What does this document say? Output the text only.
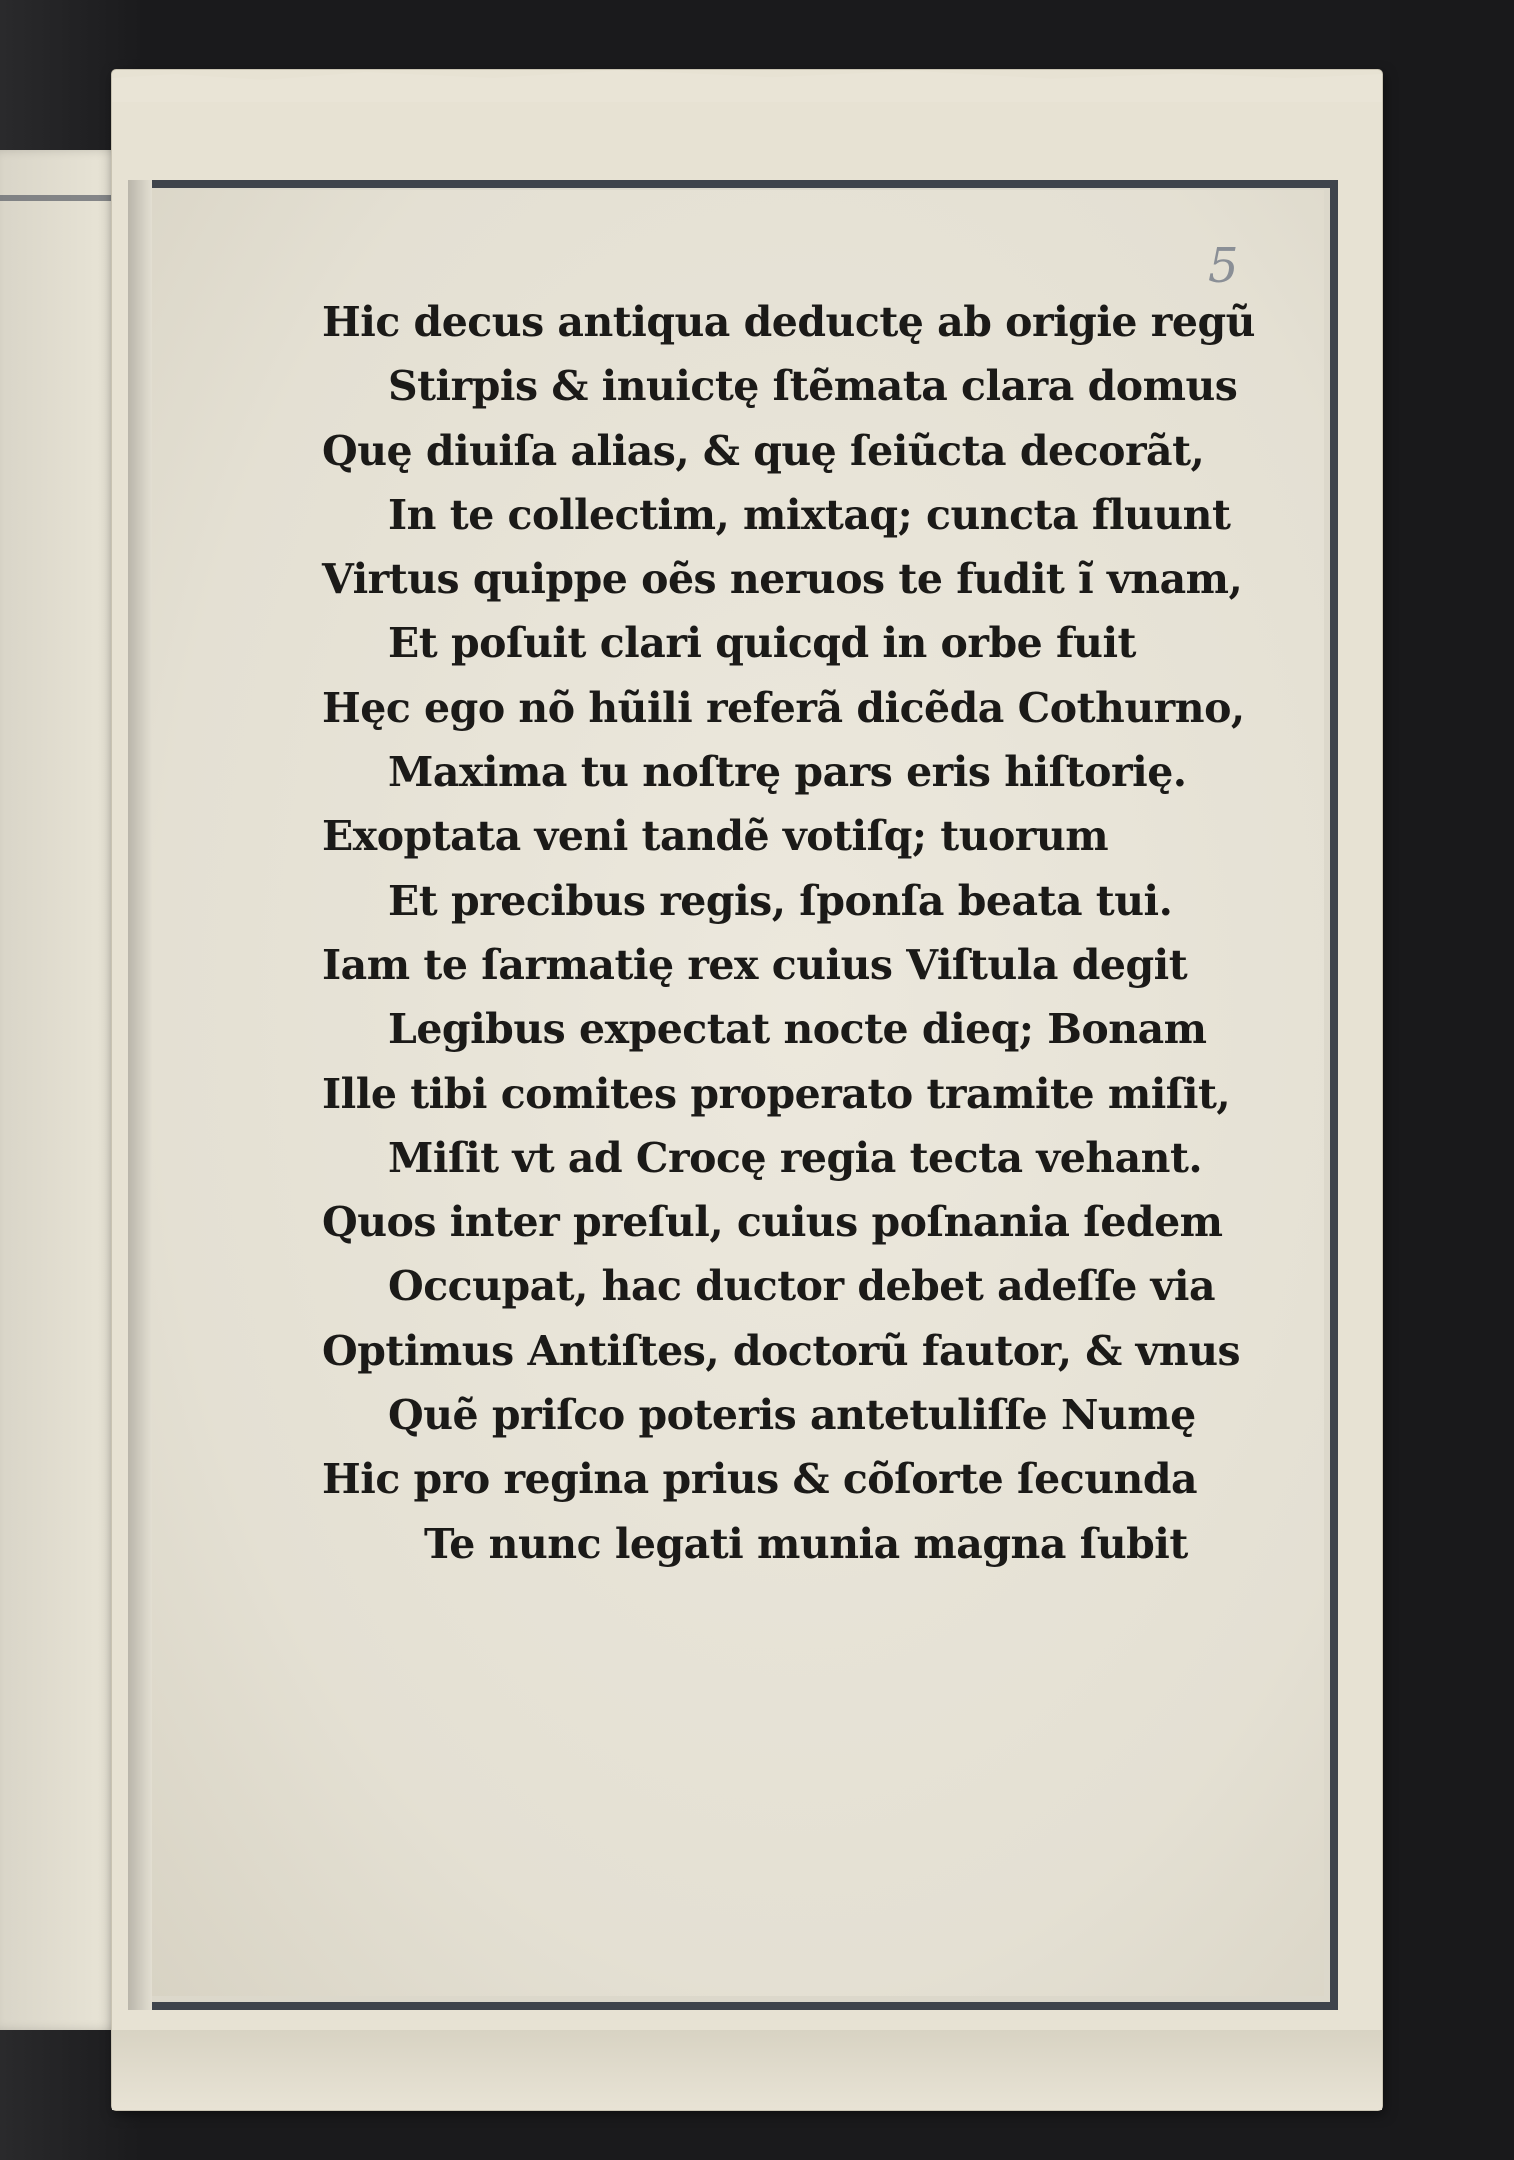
5
Hic decus antiqua deductę ab origie regũ
Stirpis & inuictę ſtẽmata clara domus
Quę diuiſa alias, & quę ſeiũcta decorãt,
In te collectim, mixtaq; cuncta fluunt
Virtus quippe oẽs neruos te fudit ĩ vnam,
Et poſuit clari quicqd in orbe fuit
Hęc ego nõ hũili referã dicẽda Cothurno,
Maxima tu noſtrę pars eris hiſtorię.
Exoptata veni tandẽ votiſq; tuorum
Et precibus regis, ſponſa beata tui.
Iam te ſarmatię rex cuius Viſtula degit
Legibus expectat nocte dieq; Bonam
Ille tibi comites properato tramite miſit,
Miſit vt ad Crocę regia tecta vehant.
Quos inter preſul, cuius poſnania ſedem
Occupat, hac ductor debet adeſſe via
Optimus Antiſtes, doctorũ fautor, & vnus
Quẽ priſco poteris antetuliſſe Numę
Hic pro regina prius & cõſorte ſecunda
Te nunc legati munia magna ſubit
